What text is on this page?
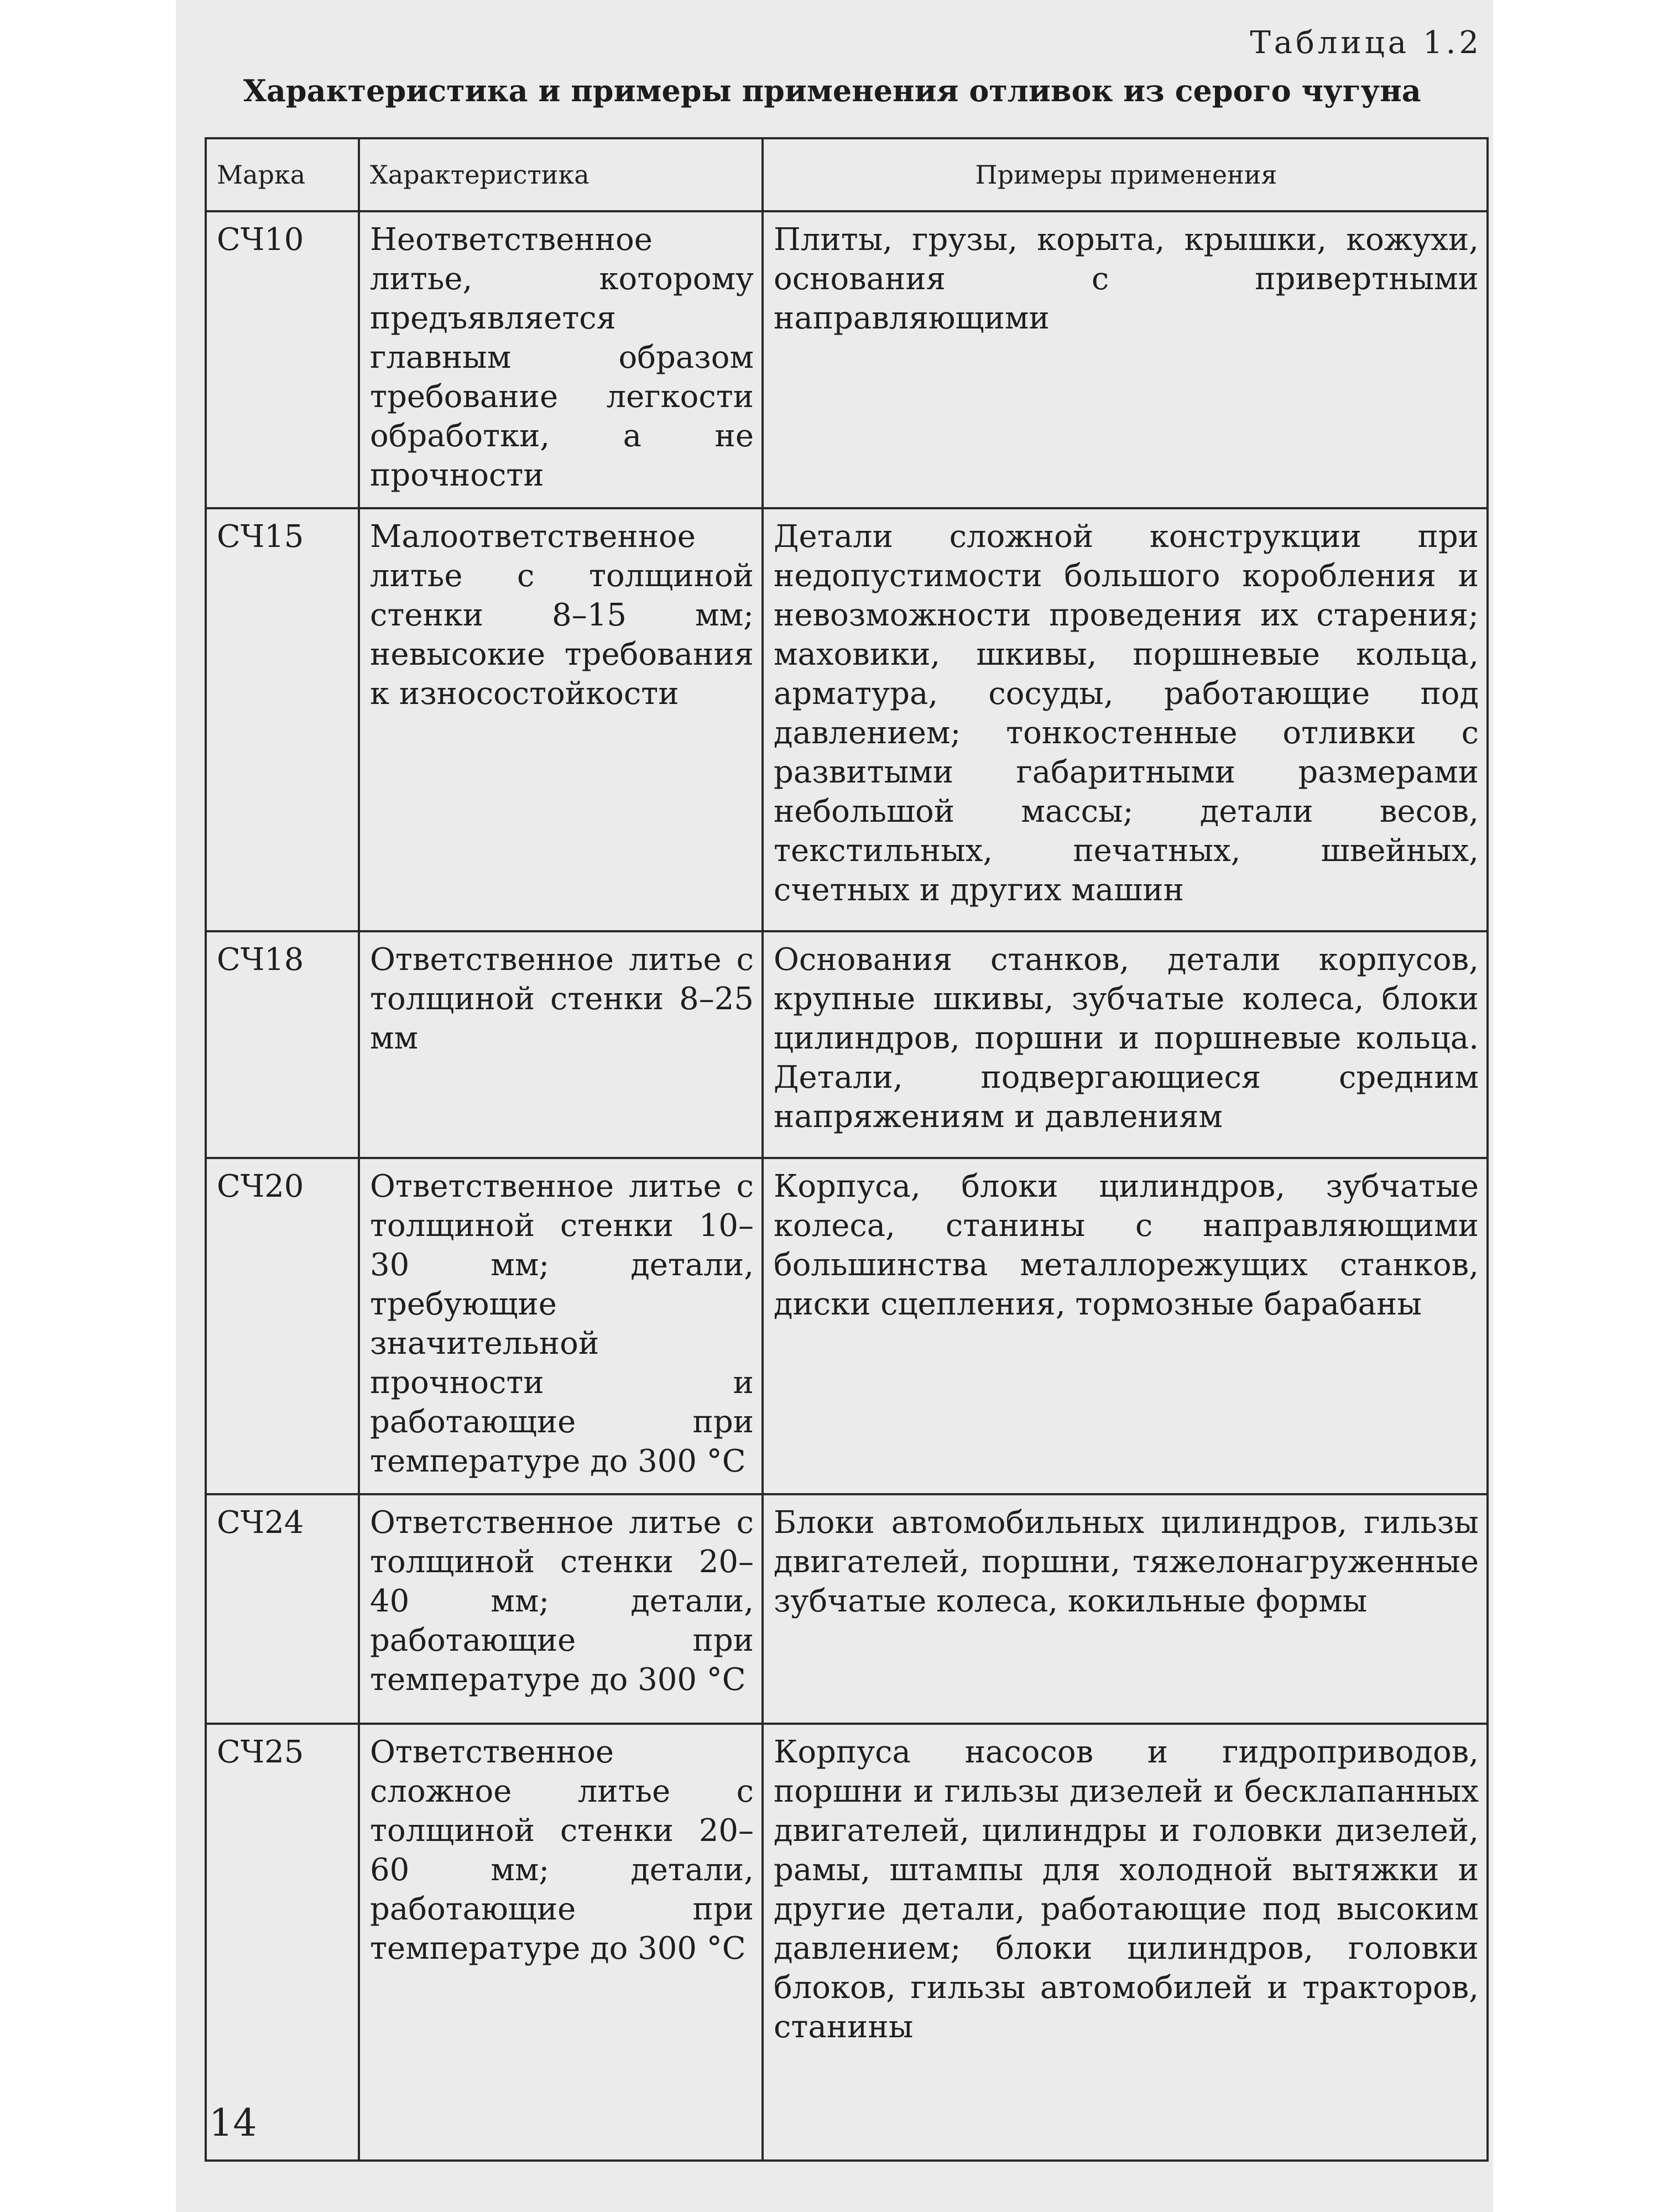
Таблица 1.2
Характеристика и примеры применения отливок из серого чугуна
Марка	Характеристика	Примеры применения
СЧ10	Неответственное литье, которому предъявляется главным образом требование легкости обработки, а не прочности	Плиты, грузы, корыта, крышки, кожухи, основания с привертными направляющими
СЧ15	Малоответственное литье с толщиной стенки 8–15 мм; невысокие требования к износостойкости	Детали сложной конструкции при недопустимости большого коробления и невозможности проведения их старения; маховики, шкивы, поршневые кольца, арматура, сосуды, работающие под давлением; тонкостенные отливки с развитыми габаритными размерами небольшой массы; детали весов, текстильных, печатных, швейных, счетных и других машин
СЧ18	Ответственное литье с толщиной стенки 8–25 мм	Основания станков, детали корпусов, крупные шкивы, зубчатые колеса, блоки цилиндров, поршни и поршневые кольца. Детали, подвергающиеся средним напряжениям и давлениям
СЧ20	Ответственное литье с толщиной стенки 10–30 мм; детали, требующие значительной прочности и работающие при температуре до 300 °С	Корпуса, блоки цилиндров, зубчатые колеса, станины с направляющими большинства металлорежущих станков, диски сцепления, тормозные барабаны
СЧ24	Ответственное литье с толщиной стенки 20–40 мм; детали, работающие при температуре до 300 °С	Блоки автомобильных цилиндров, гильзы двигателей, поршни, тяжелонагруженные зубчатые колеса, кокильные формы
СЧ25	Ответственное сложное литье с толщиной стенки 20–60 мм; детали, работающие при температуре до 300 °С	Корпуса насосов и гидроприводов, поршни и гильзы дизелей и бесклапанных двигателей, цилиндры и головки дизелей, рамы, штампы для холодной вытяжки и другие детали, работающие под высоким давлением; блоки цилиндров, головки блоков, гильзы автомобилей и тракторов, станины
14
